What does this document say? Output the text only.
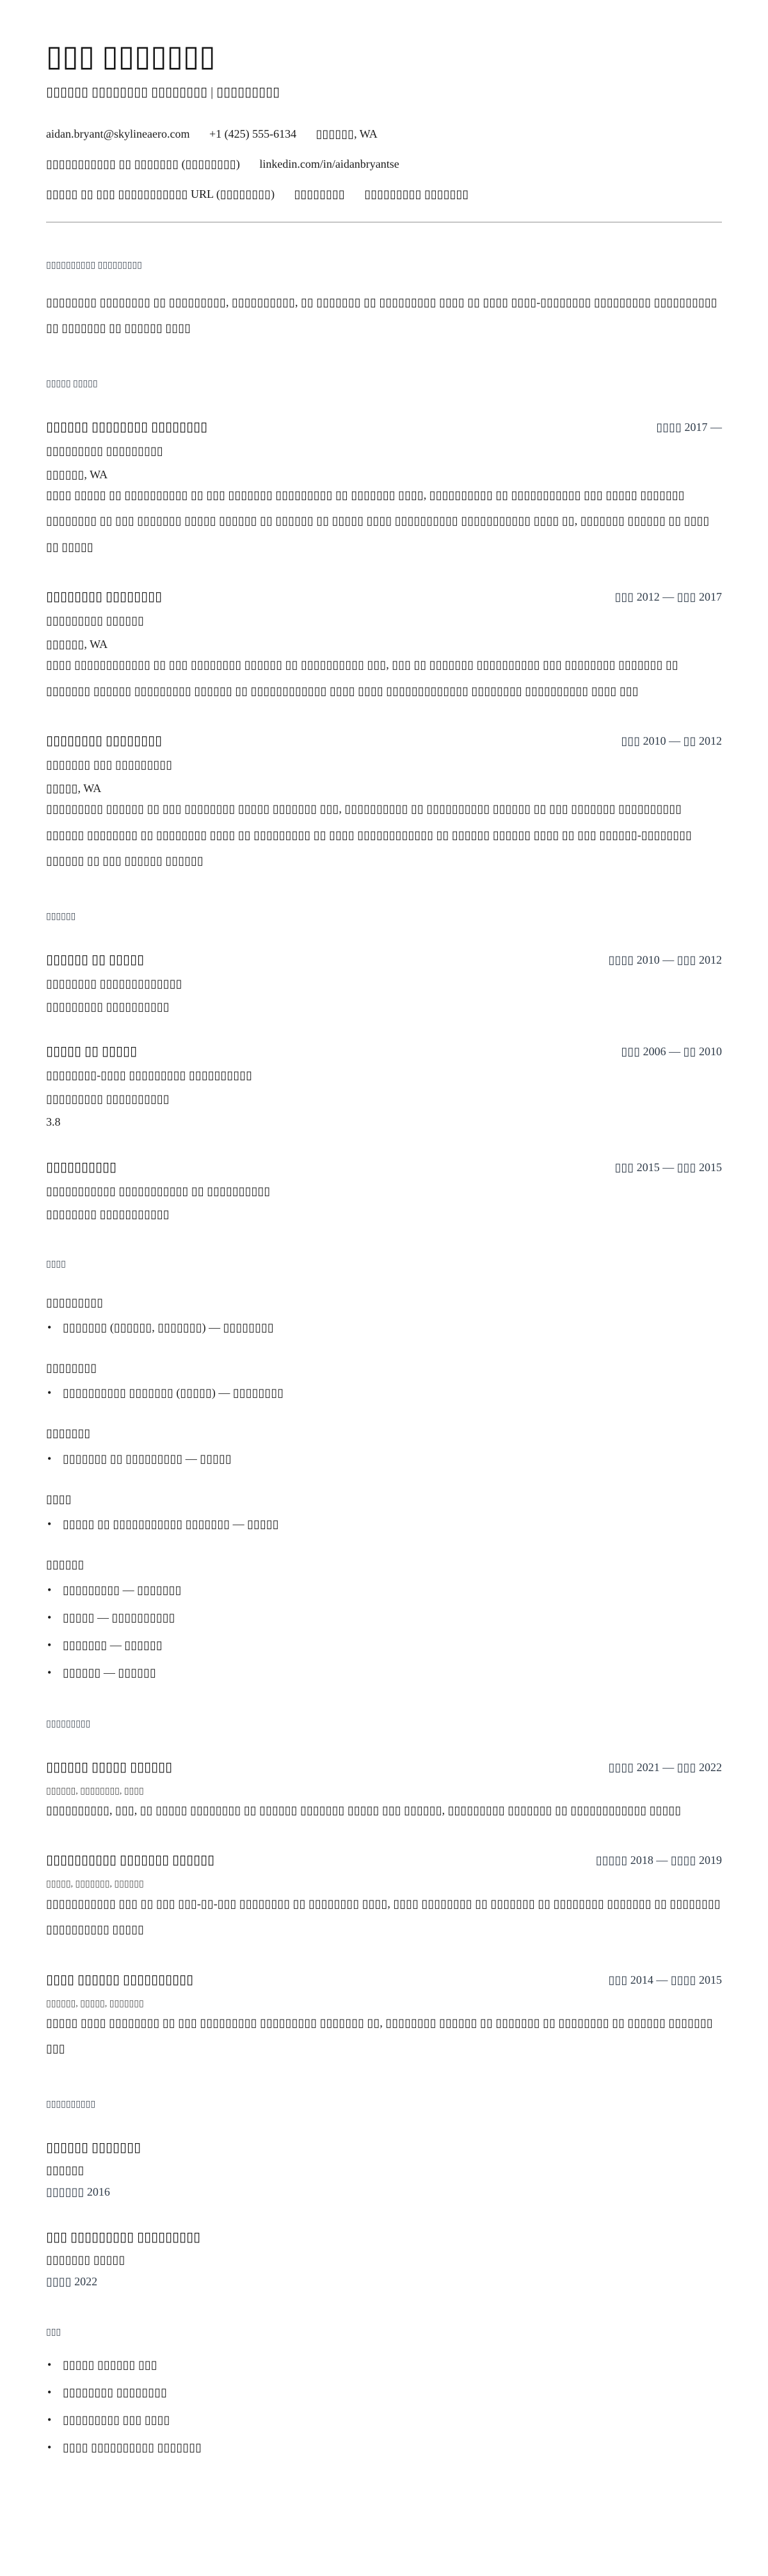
▯▯▯ ▯▯▯▯▯▯▯
▯▯▯▯▯▯ ▯▯▯▯▯▯▯▯ ▯▯▯▯▯▯▯▯ | ▯▯▯▯▯▯▯▯▯
aidan.bryant@skylineaero.com +1 (425) 555-6134 ▯▯▯▯▯▯, WA
▯▯▯▯▯▯▯▯▯▯▯ ▯▯ ▯▯▯▯▯▯▯ (▯▯▯▯▯▯▯▯) linkedin.com/in/aidanbryantse
▯▯▯▯▯ ▯▯ ▯▯▯ ▯▯▯▯▯▯▯▯▯▯▯ URL (▯▯▯▯▯▯▯▯) ▯▯▯▯▯▯▯▯ ▯▯▯▯▯▯▯▯▯ ▯▯▯▯▯▯▯
▯▯▯▯▯▯▯▯▯▯ ▯▯▯▯▯▯▯▯▯

▯▯▯▯▯▯▯▯ ▯▯▯▯▯▯▯▯ ▯▯ ▯▯▯▯▯▯▯▯▯, ▯▯▯▯▯▯▯▯▯▯, ▯▯ ▯▯▯▯▯▯▯ ▯▯ ▯▯▯▯▯▯▯▯▯ ▯▯▯▯ ▯▯ ▯▯▯▯ ▯▯▯▯-▯▯▯▯▯▯▯▯ ▯▯▯▯▯▯▯▯▯ ▯▯▯▯▯▯▯▯▯▯ ▯▯ ▯▯▯▯▯▯▯ ▯▯ ▯▯▯▯▯▯ ▯▯▯▯

▯▯▯▯▯ ▯▯▯▯▯
▯▯▯▯▯▯ ▯▯▯▯▯▯▯▯ ▯▯▯▯▯▯▯▯	▯▯▯▯ 2017 —
▯▯▯▯▯▯▯▯▯ ▯▯▯▯▯▯▯▯▯
▯▯▯▯▯▯, WA

▯▯▯▯ ▯▯▯▯▯ ▯▯ ▯▯▯▯▯▯▯▯▯▯ ▯▯ ▯▯▯ ▯▯▯▯▯▯▯ ▯▯▯▯▯▯▯▯▯ ▯▯ ▯▯▯▯▯▯▯ ▯▯▯▯, ▯▯▯▯▯▯▯▯▯▯ ▯▯ ▯▯▯▯▯▯▯▯▯▯▯ ▯▯▯ ▯▯▯▯▯ ▯▯▯▯▯▯▯ ▯▯▯▯▯▯▯▯ ▯▯ ▯▯▯ ▯▯▯▯▯▯▯ ▯▯▯▯▯ ▯▯▯▯▯▯ ▯▯ ▯▯▯▯▯▯ ▯▯ ▯▯▯▯▯ ▯▯▯▯ ▯▯▯▯▯▯▯▯▯▯ ▯▯▯▯▯▯▯▯▯▯▯ ▯▯▯▯ ▯▯, ▯▯▯▯▯▯▯ ▯▯▯▯▯▯ ▯▯ ▯▯▯▯ ▯▯ ▯▯▯▯▯

▯▯▯▯▯▯▯▯ ▯▯▯▯▯▯▯▯	▯▯▯ 2012 — ▯▯▯ 2017
▯▯▯▯▯▯▯▯▯ ▯▯▯▯▯▯
▯▯▯▯▯▯, WA

▯▯▯▯ ▯▯▯▯▯▯▯▯▯▯▯▯ ▯▯ ▯▯▯ ▯▯▯▯▯▯▯▯ ▯▯▯▯▯▯ ▯▯ ▯▯▯▯▯▯▯▯▯▯ ▯▯▯, ▯▯▯ ▯▯ ▯▯▯▯▯▯▯ ▯▯▯▯▯▯▯▯▯▯ ▯▯▯ ▯▯▯▯▯▯▯▯ ▯▯▯▯▯▯▯ ▯▯ ▯▯▯▯▯▯▯ ▯▯▯▯▯▯ ▯▯▯▯▯▯▯▯▯ ▯▯▯▯▯▯ ▯▯ ▯▯▯▯▯▯▯▯▯▯▯▯ ▯▯▯▯ ▯▯▯▯ ▯▯▯▯▯▯▯▯▯▯▯▯▯ ▯▯▯▯▯▯▯▯ ▯▯▯▯▯▯▯▯▯▯ ▯▯▯▯ ▯▯▯

▯▯▯▯▯▯▯▯ ▯▯▯▯▯▯▯▯	▯▯▯ 2010 — ▯▯ 2012
▯▯▯▯▯▯▯ ▯▯▯ ▯▯▯▯▯▯▯▯▯
▯▯▯▯▯, WA

▯▯▯▯▯▯▯▯▯ ▯▯▯▯▯▯ ▯▯ ▯▯▯ ▯▯▯▯▯▯▯▯ ▯▯▯▯▯ ▯▯▯▯▯▯▯ ▯▯▯, ▯▯▯▯▯▯▯▯▯▯ ▯▯ ▯▯▯▯▯▯▯▯▯▯ ▯▯▯▯▯▯ ▯▯ ▯▯▯ ▯▯▯▯▯▯▯ ▯▯▯▯▯▯▯▯▯▯ ▯▯▯▯▯▯ ▯▯▯▯▯▯▯▯ ▯▯ ▯▯▯▯▯▯▯▯ ▯▯▯▯ ▯▯ ▯▯▯▯▯▯▯▯▯ ▯▯ ▯▯▯▯ ▯▯▯▯▯▯▯▯▯▯▯▯ ▯▯ ▯▯▯▯▯▯ ▯▯▯▯▯▯ ▯▯▯▯ ▯▯ ▯▯▯ ▯▯▯▯▯▯-▯▯▯▯▯▯▯▯ ▯▯▯▯▯▯ ▯▯ ▯▯▯ ▯▯▯▯▯▯ ▯▯▯▯▯▯

▯▯▯▯▯▯
▯▯▯▯▯▯ ▯▯ ▯▯▯▯▯	▯▯▯▯ 2010 — ▯▯▯ 2012
▯▯▯▯▯▯▯▯ ▯▯▯▯▯▯▯▯▯▯▯▯▯
▯▯▯▯▯▯▯▯▯ ▯▯▯▯▯▯▯▯▯▯
▯▯▯▯▯ ▯▯ ▯▯▯▯▯	▯▯▯ 2006 — ▯▯ 2010
▯▯▯▯▯▯▯▯-▯▯▯▯ ▯▯▯▯▯▯▯▯▯ ▯▯▯▯▯▯▯▯▯▯
▯▯▯▯▯▯▯▯▯ ▯▯▯▯▯▯▯▯▯▯
3.8
▯▯▯▯▯▯▯▯▯▯	▯▯▯ 2015 — ▯▯▯ 2015
▯▯▯▯▯▯▯▯▯▯▯ ▯▯▯▯▯▯▯▯▯▯▯ ▯▯ ▯▯▯▯▯▯▯▯▯▯
▯▯▯▯▯▯▯▯ ▯▯▯▯▯▯▯▯▯▯▯
▯▯▯▯
▯▯▯▯▯▯▯▯▯
• ▯▯▯▯▯▯▯ (▯▯▯▯▯▯, ▯▯▯▯▯▯▯) — ▯▯▯▯▯▯▯▯
▯▯▯▯▯▯▯▯
• ▯▯▯▯▯▯▯▯▯▯ ▯▯▯▯▯▯▯ (▯▯▯▯▯) — ▯▯▯▯▯▯▯▯
▯▯▯▯▯▯▯
• ▯▯▯▯▯▯▯ ▯▯ ▯▯▯▯▯▯▯▯▯ — ▯▯▯▯▯
▯▯▯▯
• ▯▯▯▯▯ ▯▯ ▯▯▯▯▯▯▯▯▯▯▯ ▯▯▯▯▯▯▯ — ▯▯▯▯▯
▯▯▯▯▯▯
• ▯▯▯▯▯▯▯▯▯ — ▯▯▯▯▯▯▯
• ▯▯▯▯▯ — ▯▯▯▯▯▯▯▯▯▯
• ▯▯▯▯▯▯▯ — ▯▯▯▯▯▯
• ▯▯▯▯▯▯ — ▯▯▯▯▯▯
▯▯▯▯▯▯▯▯▯
▯▯▯▯▯▯ ▯▯▯▯▯ ▯▯▯▯▯▯	▯▯▯▯ 2021 — ▯▯▯ 2022
▯▯▯▯▯▯, ▯▯▯▯▯▯▯▯, ▯▯▯▯

▯▯▯▯▯▯▯▯▯▯, ▯▯▯, ▯▯ ▯▯▯▯▯ ▯▯▯▯▯▯▯▯ ▯▯ ▯▯▯▯▯▯ ▯▯▯▯▯▯▯ ▯▯▯▯▯ ▯▯▯ ▯▯▯▯▯▯, ▯▯▯▯▯▯▯▯▯ ▯▯▯▯▯▯▯ ▯▯ ▯▯▯▯▯▯▯▯▯▯▯▯ ▯▯▯▯▯

▯▯▯▯▯▯▯▯▯▯ ▯▯▯▯▯▯▯ ▯▯▯▯▯▯	▯▯▯▯▯ 2018 — ▯▯▯▯ 2019
▯▯▯▯▯, ▯▯▯▯▯▯▯, ▯▯▯▯▯▯

▯▯▯▯▯▯▯▯▯▯▯ ▯▯▯ ▯▯ ▯▯▯ ▯▯▯-▯▯-▯▯▯ ▯▯▯▯▯▯▯▯ ▯▯ ▯▯▯▯▯▯▯▯ ▯▯▯▯, ▯▯▯▯ ▯▯▯▯▯▯▯▯ ▯▯ ▯▯▯▯▯▯▯ ▯▯ ▯▯▯▯▯▯▯▯ ▯▯▯▯▯▯▯ ▯▯ ▯▯▯▯▯▯▯▯ ▯▯▯▯▯▯▯▯▯▯ ▯▯▯▯▯

▯▯▯▯ ▯▯▯▯▯▯ ▯▯▯▯▯▯▯▯▯▯	▯▯▯ 2014 — ▯▯▯▯ 2015
▯▯▯▯▯▯, ▯▯▯▯▯, ▯▯▯▯▯▯▯

▯▯▯▯▯ ▯▯▯▯ ▯▯▯▯▯▯▯▯ ▯▯ ▯▯▯ ▯▯▯▯▯▯▯▯▯ ▯▯▯▯▯▯▯▯▯ ▯▯▯▯▯▯▯ ▯▯, ▯▯▯▯▯▯▯▯ ▯▯▯▯▯▯ ▯▯ ▯▯▯▯▯▯▯ ▯▯ ▯▯▯▯▯▯▯▯ ▯▯ ▯▯▯▯▯▯ ▯▯▯▯▯▯▯ ▯▯▯

▯▯▯▯▯▯▯▯▯▯
▯▯▯▯▯▯ ▯▯▯▯▯▯▯
▯▯▯▯▯▯
▯▯▯▯▯▯ 2016
▯▯▯ ▯▯▯▯▯▯▯▯▯ ▯▯▯▯▯▯▯▯▯
▯▯▯▯▯▯▯ ▯▯▯▯▯
▯▯▯▯ 2022
▯▯▯
• ▯▯▯▯▯ ▯▯▯▯▯▯ ▯▯▯
• ▯▯▯▯▯▯▯▯ ▯▯▯▯▯▯▯▯
• ▯▯▯▯▯▯▯▯▯ ▯▯▯ ▯▯▯▯
• ▯▯▯▯ ▯▯▯▯▯▯▯▯▯▯ ▯▯▯▯▯▯▯
